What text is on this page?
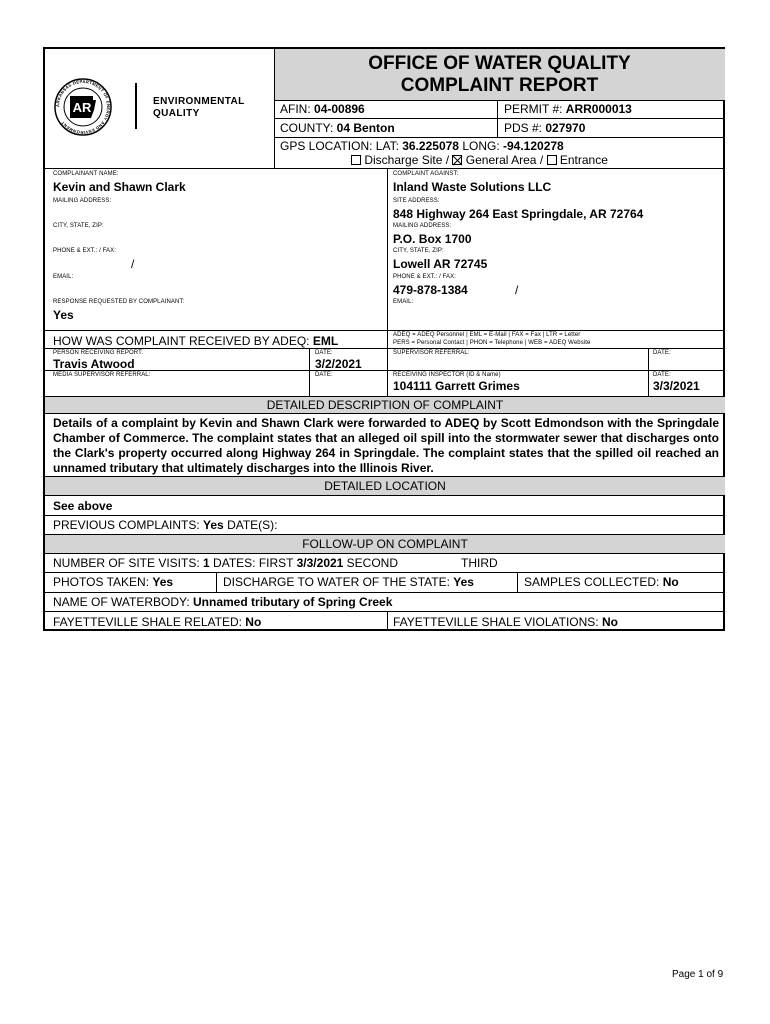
ARKANSAS DEPARTMENT OF ENERGY AND ENVIRONMENT
AR	ENVIRONMENTAL
QUALITY
OFFICE OF WATER QUALITY
COMPLAINT REPORT
AFIN: 04-00896	PERMIT #: ARR000013
COUNTY: 04 Benton	PDS #: 027970
GPS LOCATION: LAT: 36.225078 LONG: -94.120278
Discharge Site / General Area / Entrance
COMPLAINANT NAME:
Kevin and Shawn Clark
MAILING ADDRESS:
CITY, STATE, ZIP:
PHONE & EXT.: / FAX:
/
EMAIL:
RESPONSE REQUESTED BY COMPLAINANT:
Yes
COMPLAINT AGAINST:
Inland Waste Solutions LLC
SITE ADDRESS:
848 Highway 264 East Springdale, AR 72764
MAILING ADDRESS:
P.O. Box 1700
CITY, STATE, ZIP:
Lowell AR 72745
PHONE & EXT.: / FAX:
479-878-1384	/
EMAIL:
HOW WAS COMPLAINT RECEIVED BY ADEQ: EML	ADEQ = ADEQ Personnel | EML = E-Mail | FAX = Fax | LTR = Letter
PERS = Personal Contact | PHON = Telephone | WEB = ADEQ Website
PERSON RECEIVING REPORT:
Travis Atwood
DATE:
3/2/2021
SUPERVISOR REFERRAL:	DATE:
MEDIA SUPERVISOR REFERRAL:	DATE:	RECEIVING INSPECTOR (ID & Name)
104111 Garrett Grimes
DATE:
3/3/2021
DETAILED DESCRIPTION OF COMPLAINT
Details of a complaint by Kevin and Shawn Clark were forwarded to ADEQ by Scott Edmondson with the Springdale Chamber of Commerce. The complaint states that an alleged oil spill into the stormwater sewer that discharges onto the Clark's property occurred along Highway 264 in Springdale. The complaint states that the spilled oil reached an unnamed tributary that ultimately discharges into the Illinois River.
DETAILED LOCATION
See above
PREVIOUS COMPLAINTS: Yes DATE(S):
FOLLOW-UP ON COMPLAINT
NUMBER OF SITE VISITS: 1 DATES: FIRST 3/3/2021 SECOND	THIRD
PHOTOS TAKEN: Yes	DISCHARGE TO WATER OF THE STATE: Yes	SAMPLES COLLECTED: No
NAME OF WATERBODY: Unnamed tributary of Spring Creek
FAYETTEVILLE SHALE RELATED: No	FAYETTEVILLE SHALE VIOLATIONS: No
Page 1 of 9
